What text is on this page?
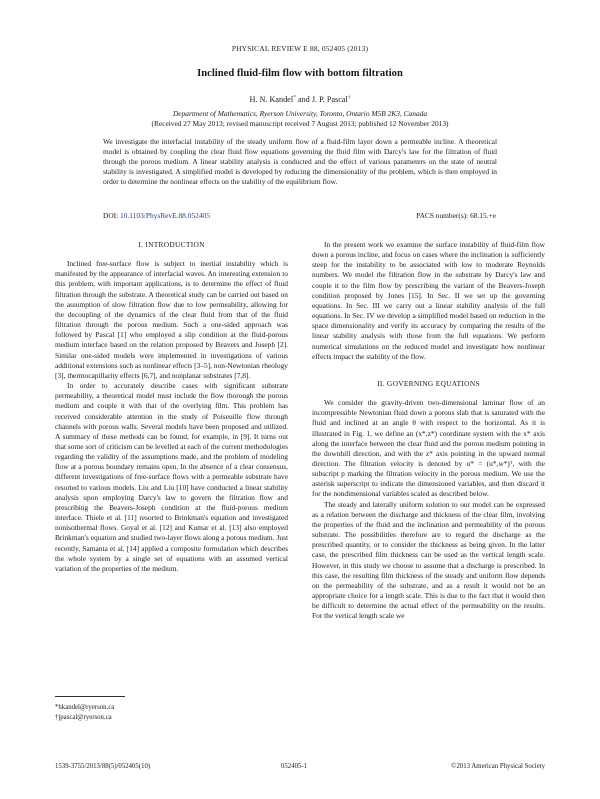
PHYSICAL REVIEW E 88, 052405 (2013)
Inclined fluid-film flow with bottom filtration
H. N. Kandel* and J. P. Pascal†
Department of Mathematics, Ryerson University, Toronto, Ontario M5B 2K3, Canada
(Received 27 May 2013; revised manuscript received 7 August 2013; published 12 November 2013)
We investigate the interfacial instability of the steady uniform flow of a fluid-film layer down a permeable incline. A theoretical model is obtained by coupling the clear fluid flow equations governing the fluid film with Darcy's law for the filtration of fluid through the porous medium. A linear stability analysis is conducted and the effect of various parameters on the state of neutral stability is investigated. A simplified model is developed by reducing the dimensionality of the problem, which is then employed in order to determine the nonlinear effects on the stability of the equilibrium flow.
DOI: 10.1103/PhysRevE.88.052405	PACS number(s): 68.15.+e

I. INTRODUCTION

Inclined free-surface flow is subject to inertial instability which is manifested by the appearance of interfacial waves. An interesting extension to this problem, with important applications, is to determine the effect of fluid filtration through the substrate. A theoretical study can be carried out based on the assumption of slow filtration flow due to low permeability, allowing for the decoupling of the dynamics of the clear fluid from that of the fluid filtration through the porous medium. Such a one-sided approach was followed by Pascal [1] who employed a slip condition at the fluid-porous medium interface based on the relation proposed by Beavers and Joseph [2]. Similar one-sided models were implemented in investigations of various additional extensions such as nonlinear effects [3–5], non-Newtonian rheology [3], thermocapillarity effects [6,7], and nonplanar substrates [7,8].

In order to accurately describe cases with significant substrate permeability, a theoretical model must include the flow thorough the porous medium and couple it with that of the overlying film. This problem has received considerable attention in the study of Poiseuille flow through channels with porous walls. Several models have been proposed and utilized. A summary of these methods can be found, for example, in [9]. It turns out that some sort of criticism can be levelled at each of the current methodologies regarding the validity of the assumptions made, and the problem of modeling flow at a porous boundary remains open. In the absence of a clear consensus, different investigations of free-surface flows with a permeable substrate have resorted to various models. Liu and Liu [10] have conducted a linear stability analysis upon employing Darcy's law to govern the filtration flow and prescribing the Beavers-Joseph condition at the fluid-porous medium interface. Thiele et al. [11] resorted to Brinkman's equation and investigated nonisothermal flows. Goyal et al. [12] and Kumar et al. [13] also employed Brinkman's equation and studied two-layer flows along a porous medium. Just recently, Samanta et al. [14] applied a composite formulation which describes the whole system by a single set of equations with an assumed vertical variation of the properties of the medium.

In the present work we examine the surface instability of fluid-film flow down a porous incline, and focus on cases where the inclination is sufficiently steep for the instability to be associated with low to moderate Reynolds numbers. We model the filtration flow in the substrate by Darcy's law and couple it to the film flow by prescribing the variant of the Beavers-Joseph condition proposed by Jones [15]. In Sec. II we set up the governing equations. In Sec. III we carry out a linear stability analysis of the full equations. In Sec. IV we develop a simplified model based on reduction in the space dimensionality and verify its accuracy by comparing the results of the linear stability analysis with those from the full equations. We perform numerical simulations on the reduced model and investigate how nonlinear effects impact the stability of the flow.

II. GOVERNING EQUATIONS

We consider the gravity-driven two-dimensional laminar flow of an incompressible Newtonian fluid down a porous slab that is saturated with the fluid and inclined at an angle θ with respect to the horizontal. As it is illustrated in Fig. 1, we define an (x*,z*) coordinate system with the x* axis along the interface between the clear fluid and the porous medium pointing in the downhill direction, and with the z* axis pointing in the upward normal direction. The filtration velocity is denoted by u* = (u*,w*)ᵀ, with the subscript p marking the filtration velocity in the porous medium. We use the asterisk superscript to indicate the dimensioned variables, and then discard it for the nondimensional variables scaled as described below.

The steady and laterally uniform solution to our model can be expressed as a relation between the discharge and thickness of the clear film, involving the properties of the fluid and the inclination and permeability of the porous substrate. The possibilities therefore are to regard the discharge as the prescribed quantity, or to consider the thickness as being given. In the latter case, the prescribed film thickness can be used as the vertical length scale. However, in this study we choose to assume that a discharge is prescribed. In this case, the resulting film thickness of the steady and uniform flow depends on the permeability of the substrate, and as a result it would not be an appropriate choice for a length scale. This is due to the fact that it would then be difficult to determine the actual effect of the permeability on the results. For the vertical length scale we

*hkandel@ryerson.ca
†jpascal@ryerson.ca
1539-3755/2013/88(5)/052405(10)	052405-1	©2013 American Physical Society
